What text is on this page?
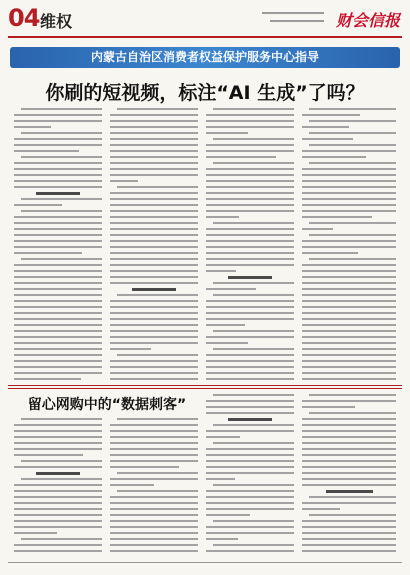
04 维权	财会信报
内蒙古自治区消费者权益保护服务中心指导
你刷的短视频，标注“AI 生成”了吗？
留心网购中的“数据刺客”
